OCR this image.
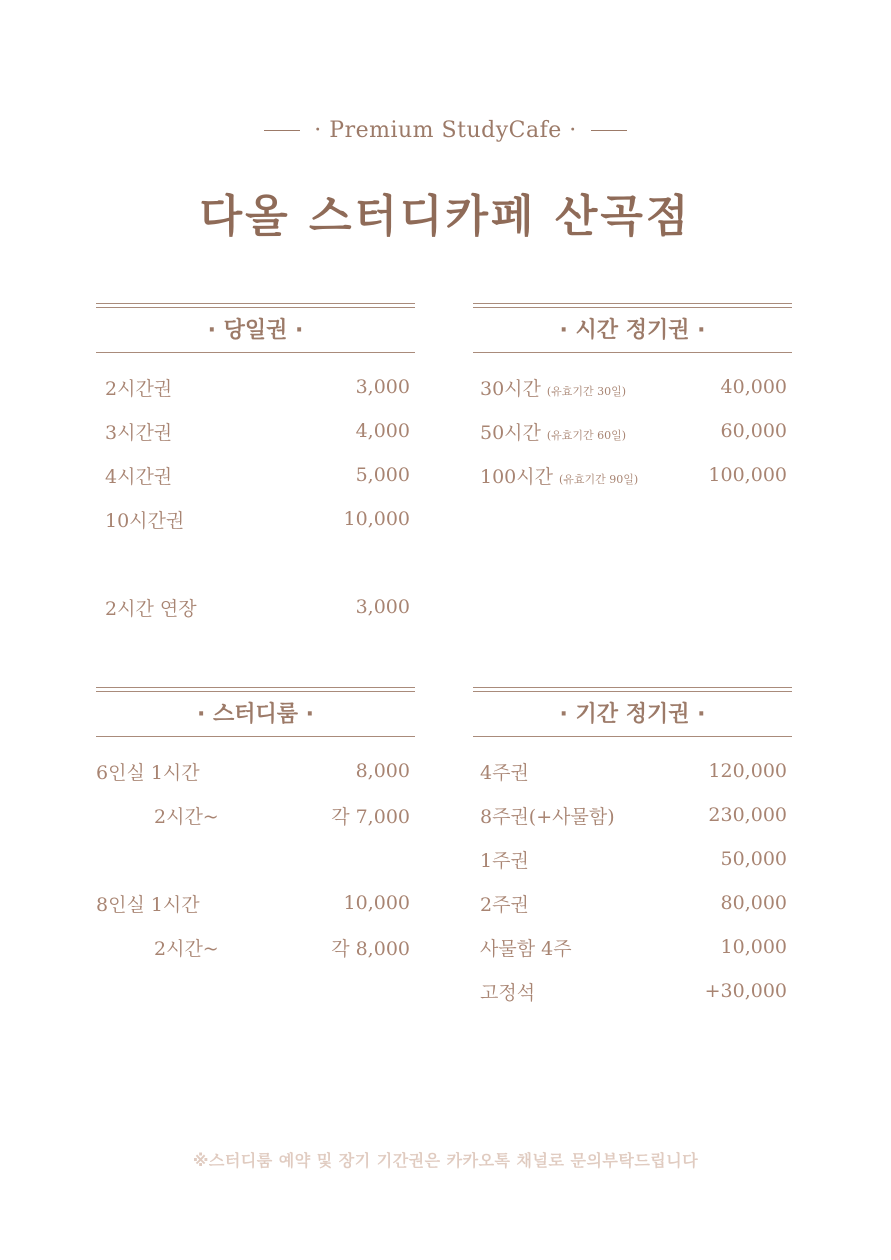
· Premium StudyCafe ·
다올 스터디카페 산곡점
· 당일권 ·
2시간권	3,000
3시간권	4,000
4시간권	5,000
10시간권	10,000
2시간 연장	3,000
· 시간 정기권 ·
30시간 (유효기간 30일)	40,000
50시간 (유효기간 60일)	60,000
100시간 (유효기간 90일)	100,000
· 스터디룸 ·
6인실 1시간	8,000
2시간~	각 7,000
8인실 1시간	10,000
2시간~	각 8,000
· 기간 정기권 ·
4주권	120,000
8주권(+사물함)	230,000
1주권	50,000
2주권	80,000
사물함 4주	10,000
고정석	+30,000
※스터디룸 예약 및 장기 기간권은 카카오톡 채널로 문의부탁드립니다
